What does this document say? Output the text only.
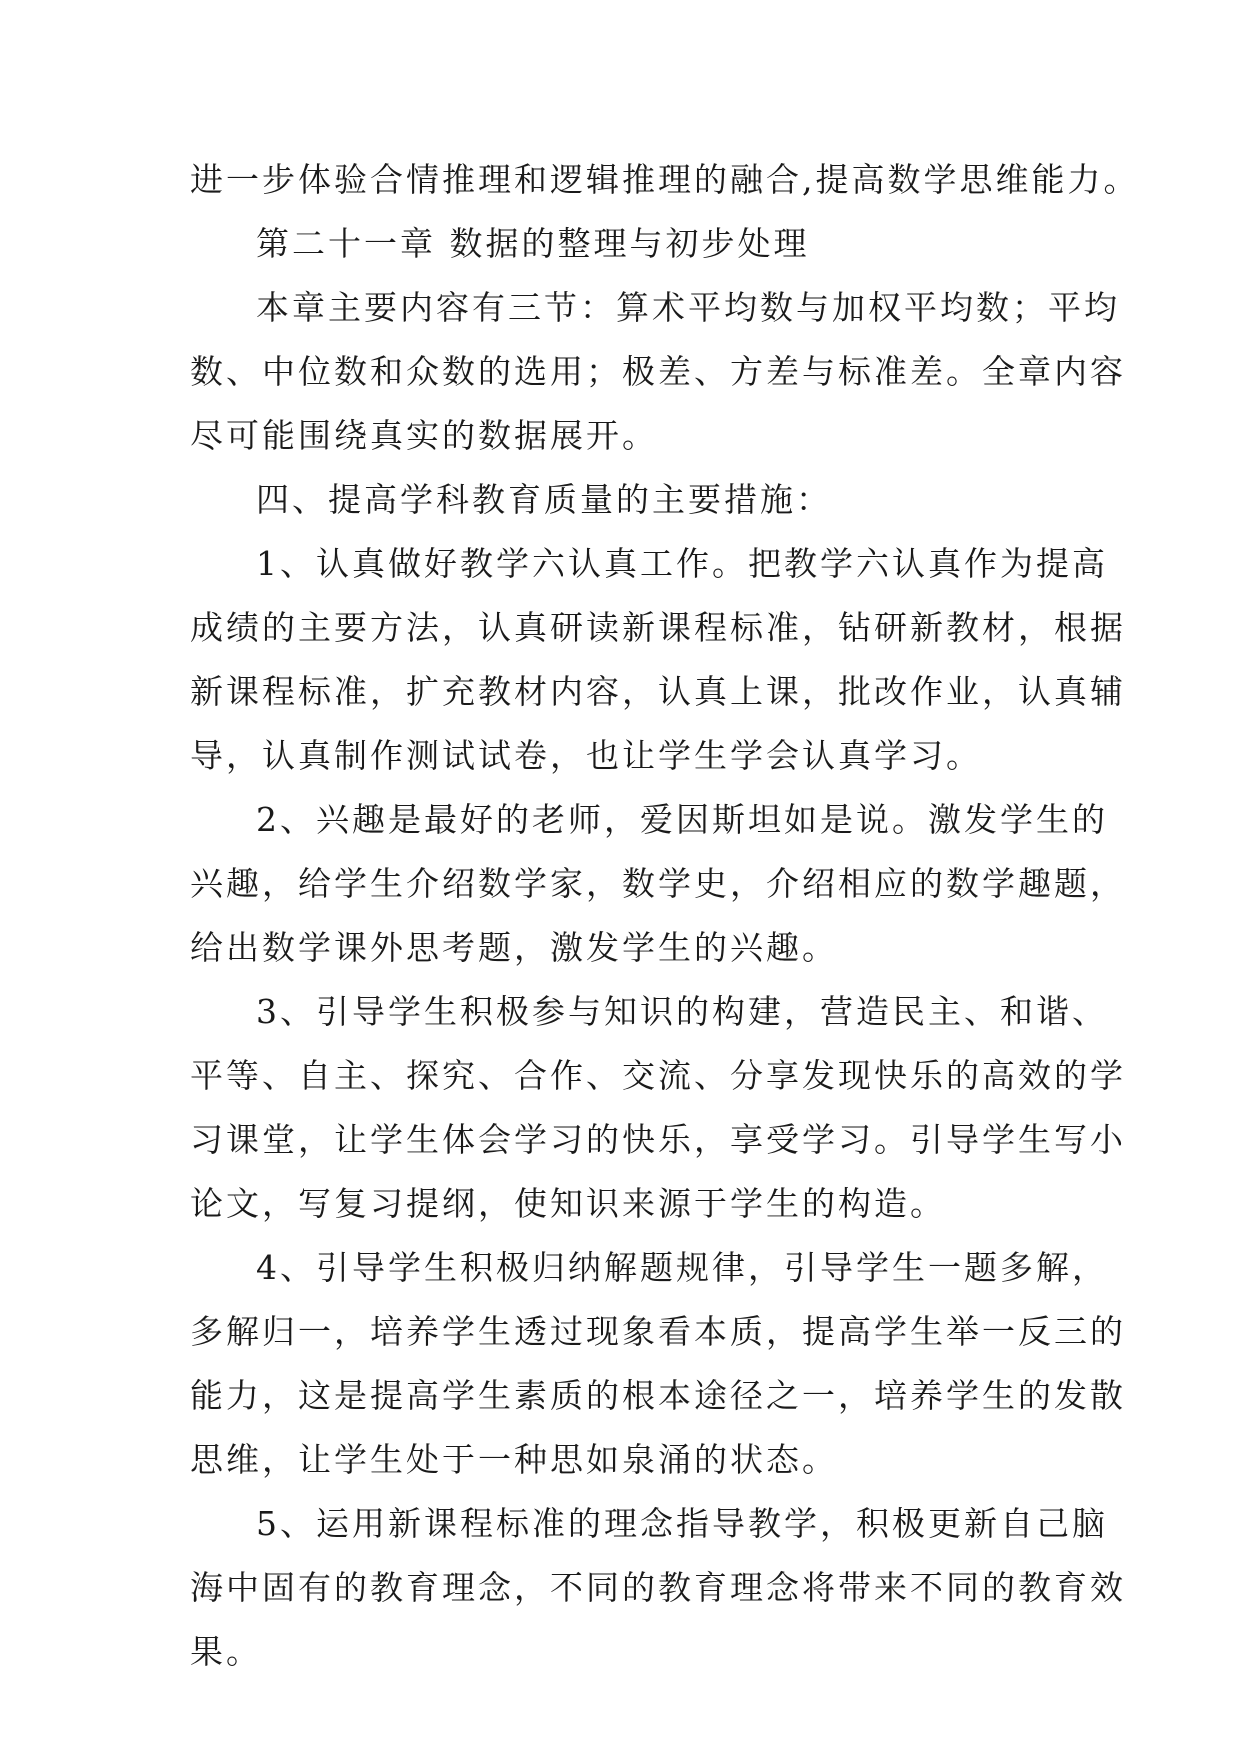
进一步体验合情推理和逻辑推理的融合,提高数学思维能力。
第二十一章 数据的整理与初步处理
本章主要内容有三节：算术平均数与加权平均数；平均
数、中位数和众数的选用；极差、方差与标准差。全章内容
尽可能围绕真实的数据展开。
四、提高学科教育质量的主要措施：
1、认真做好教学六认真工作。把教学六认真作为提高
成绩的主要方法，认真研读新课程标准，钻研新教材，根据
新课程标准，扩充教材内容，认真上课，批改作业，认真辅
导，认真制作测试试卷，也让学生学会认真学习。
2、兴趣是最好的老师，爱因斯坦如是说。激发学生的
兴趣，给学生介绍数学家，数学史，介绍相应的数学趣题，
给出数学课外思考题，激发学生的兴趣。
3、引导学生积极参与知识的构建，营造民主、和谐、
平等、自主、探究、合作、交流、分享发现快乐的高效的学
习课堂，让学生体会学习的快乐，享受学习。引导学生写小
论文，写复习提纲，使知识来源于学生的构造。
4、引导学生积极归纳解题规律，引导学生一题多解，
多解归一，培养学生透过现象看本质，提高学生举一反三的
能力，这是提高学生素质的根本途径之一，培养学生的发散
思维，让学生处于一种思如泉涌的状态。
5、运用新课程标准的理念指导教学，积极更新自己脑
海中固有的教育理念，不同的教育理念将带来不同的教育效
果。
